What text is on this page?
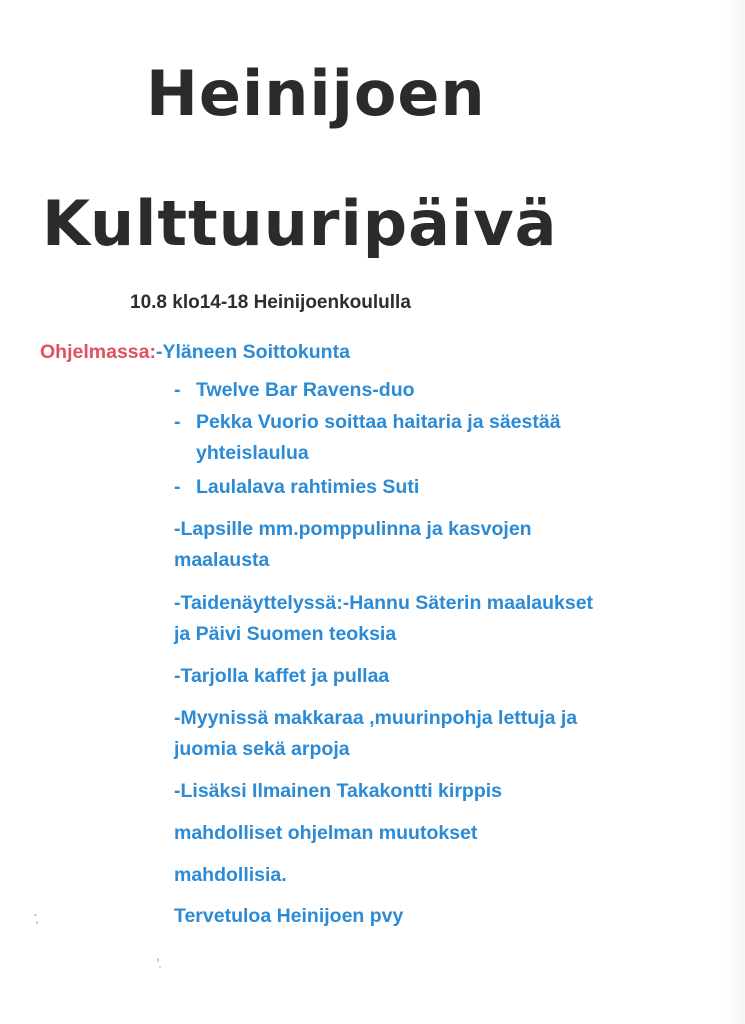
Heinijoen
Kulttuuripäivä

10.8 klo14-18 Heinijoenkoululla

Ohjelmassa:-Yläneen Soittokunta

- Twelve Bar Ravens-duo

- Pekka Vuorio soittaa haitaria ja säestää

yhteislaulua

- Laulalava rahtimies Suti

-Lapsille mm.pomppulinna ja kasvojen

maalausta

-Taidenäyttelyssä:-Hannu Säterin maalaukset

ja Päivi Suomen teoksia

-Tarjolla kaffet ja pullaa

-Myynissä makkaraa ,muurinpohja lettuja ja

juomia sekä arpoja

-Lisäksi Ilmainen Takakontti kirppis

mahdolliset ohjelman muutokset

mahdollisia.

Tervetuloa Heinijoen pvy
